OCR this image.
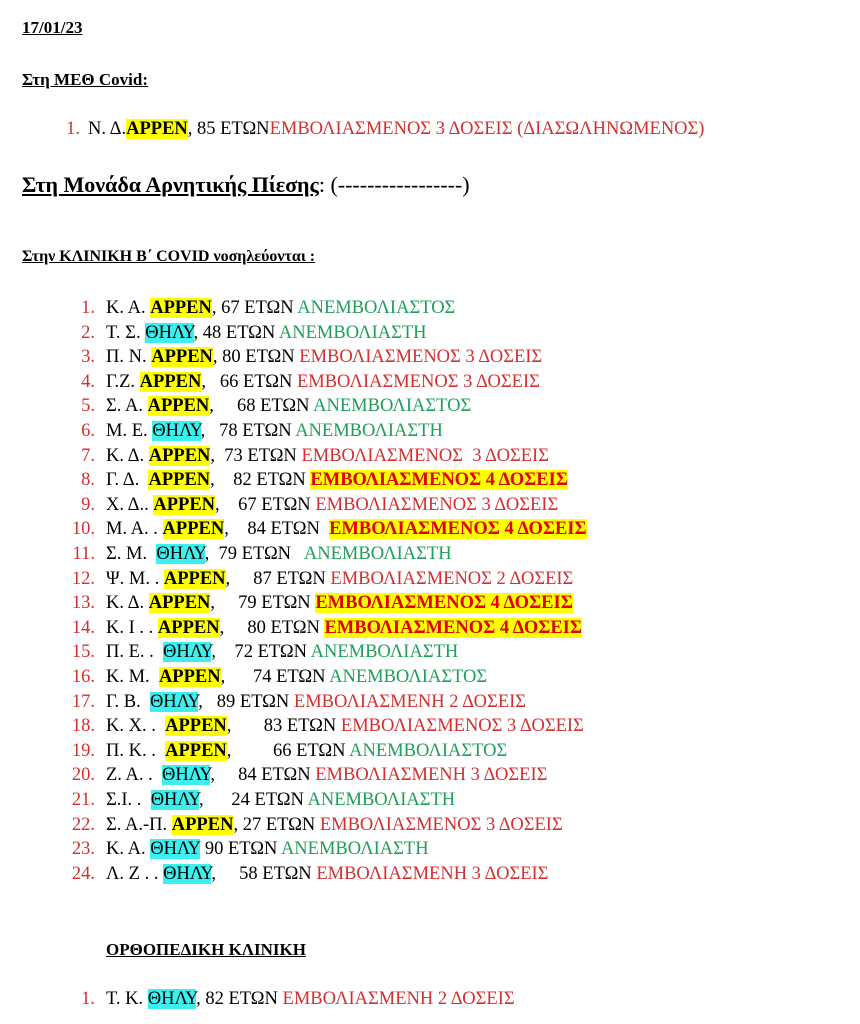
17/01/23
Στη ΜΕΘ Covid:
1. Ν. Δ.ΑΡΡΕΝ, 85 ΕΤΩΝΕΜΒΟΛΙΑΣΜΕΝΟΣ 3 ΔΟΣΕΙΣ (ΔΙΑΣΩΛΗΝΩΜΕΝΟΣ)
Στη Μονάδα Αρνητικής Πίεσης: (-----------------)
Στην ΚΛΙΝΙΚΗ Β΄ COVID νοσηλεύονται :
1. Κ. Α. ΑΡΡΕΝ, 67 ΕΤΩΝ ΑΝΕΜΒΟΛΙΑΣΤΟΣ
2. Τ. Σ. ΘΗΛΥ, 48 ΕΤΩΝ ΑΝΕΜΒΟΛΙΑΣΤΗ
3. Π. Ν. ΑΡΡΕΝ, 80 ΕΤΩΝ ΕΜΒΟΛΙΑΣΜΕΝΟΣ 3 ΔΟΣΕΙΣ
4. Γ.Ζ. ΑΡΡΕΝ,   66 ΕΤΩΝ ΕΜΒΟΛΙΑΣΜΕΝΟΣ 3 ΔΟΣΕΙΣ
5. Σ. Α. ΑΡΡΕΝ,     68 ΕΤΩΝ ΑΝΕΜΒΟΛΙΑΣΤΟΣ
6. Μ. Ε. ΘΗΛΥ,   78 ΕΤΩΝ ΑΝΕΜΒΟΛΙΑΣΤΗ
7. Κ. Δ. ΑΡΡΕΝ,  73 ΕΤΩΝ ΕΜΒΟΛΙΑΣΜΕΝΟΣ  3 ΔΟΣΕΙΣ
8. Γ. Δ.  ΑΡΡΕΝ,    82 ΕΤΩΝ ΕΜΒΟΛΙΑΣΜΕΝΟΣ 4 ΔΟΣΕΙΣ
9. Χ. Δ.. ΑΡΡΕΝ,    67 ΕΤΩΝ ΕΜΒΟΛΙΑΣΜΕΝΟΣ 3 ΔΟΣΕΙΣ
10. Μ. Α. . ΑΡΡΕΝ,    84 ΕΤΩΝ  ΕΜΒΟΛΙΑΣΜΕΝΟΣ 4 ΔΟΣΕΙΣ
11. Σ. Μ.  ΘΗΛΥ,  79 ΕΤΩΝ   ΑΝΕΜΒΟΛΙΑΣΤΗ
12. Ψ. Μ. . ΑΡΡΕΝ,     87 ΕΤΩΝ ΕΜΒΟΛΙΑΣΜΕΝΟΣ 2 ΔΟΣΕΙΣ
13. Κ. Δ. ΑΡΡΕΝ,     79 ΕΤΩΝ ΕΜΒΟΛΙΑΣΜΕΝΟΣ 4 ΔΟΣΕΙΣ
14. Κ. Ι . . ΑΡΡΕΝ,     80 ΕΤΩΝ ΕΜΒΟΛΙΑΣΜΕΝΟΣ 4 ΔΟΣΕΙΣ
15. Π. Ε. .  ΘΗΛΥ,    72 ΕΤΩΝ ΑΝΕΜΒΟΛΙΑΣΤΗ
16. Κ. Μ.  ΑΡΡΕΝ,      74 ΕΤΩΝ ΑΝΕΜΒΟΛΙΑΣΤΟΣ
17. Γ. Β.  ΘΗΛΥ,   89 ΕΤΩΝ ΕΜΒΟΛΙΑΣΜΕΝΗ 2 ΔΟΣΕΙΣ
18. Κ. Χ. .  ΑΡΡΕΝ,       83 ΕΤΩΝ ΕΜΒΟΛΙΑΣΜΕΝΟΣ 3 ΔΟΣΕΙΣ
19. Π. Κ. .  ΑΡΡΕΝ,         66 ΕΤΩΝ ΑΝΕΜΒΟΛΙΑΣΤΟΣ
20. Ζ. Α. .  ΘΗΛΥ,     84 ΕΤΩΝ ΕΜΒΟΛΙΑΣΜΕΝΗ 3 ΔΟΣΕΙΣ
21. Σ.Ι. .  ΘΗΛΥ,      24 ΕΤΩΝ ΑΝΕΜΒΟΛΙΑΣΤΗ
22. Σ. Α.-Π. ΑΡΡΕΝ, 27 ΕΤΩΝ ΕΜΒΟΛΙΑΣΜΕΝΟΣ 3 ΔΟΣΕΙΣ
23. Κ. Α. ΘΗΛΥ 90 ΕΤΩΝ ΑΝΕΜΒΟΛΙΑΣΤΗ
24. Λ. Ζ . . ΘΗΛΥ,     58 ΕΤΩΝ ΕΜΒΟΛΙΑΣΜΕΝΗ 3 ΔΟΣΕΙΣ
ΟΡΘΟΠΕΔΙΚΗ ΚΛΙΝΙΚΗ
1. Τ. Κ. ΘΗΛΥ, 82 ΕΤΩΝ ΕΜΒΟΛΙΑΣΜΕΝΗ 2 ΔΟΣΕΙΣ
